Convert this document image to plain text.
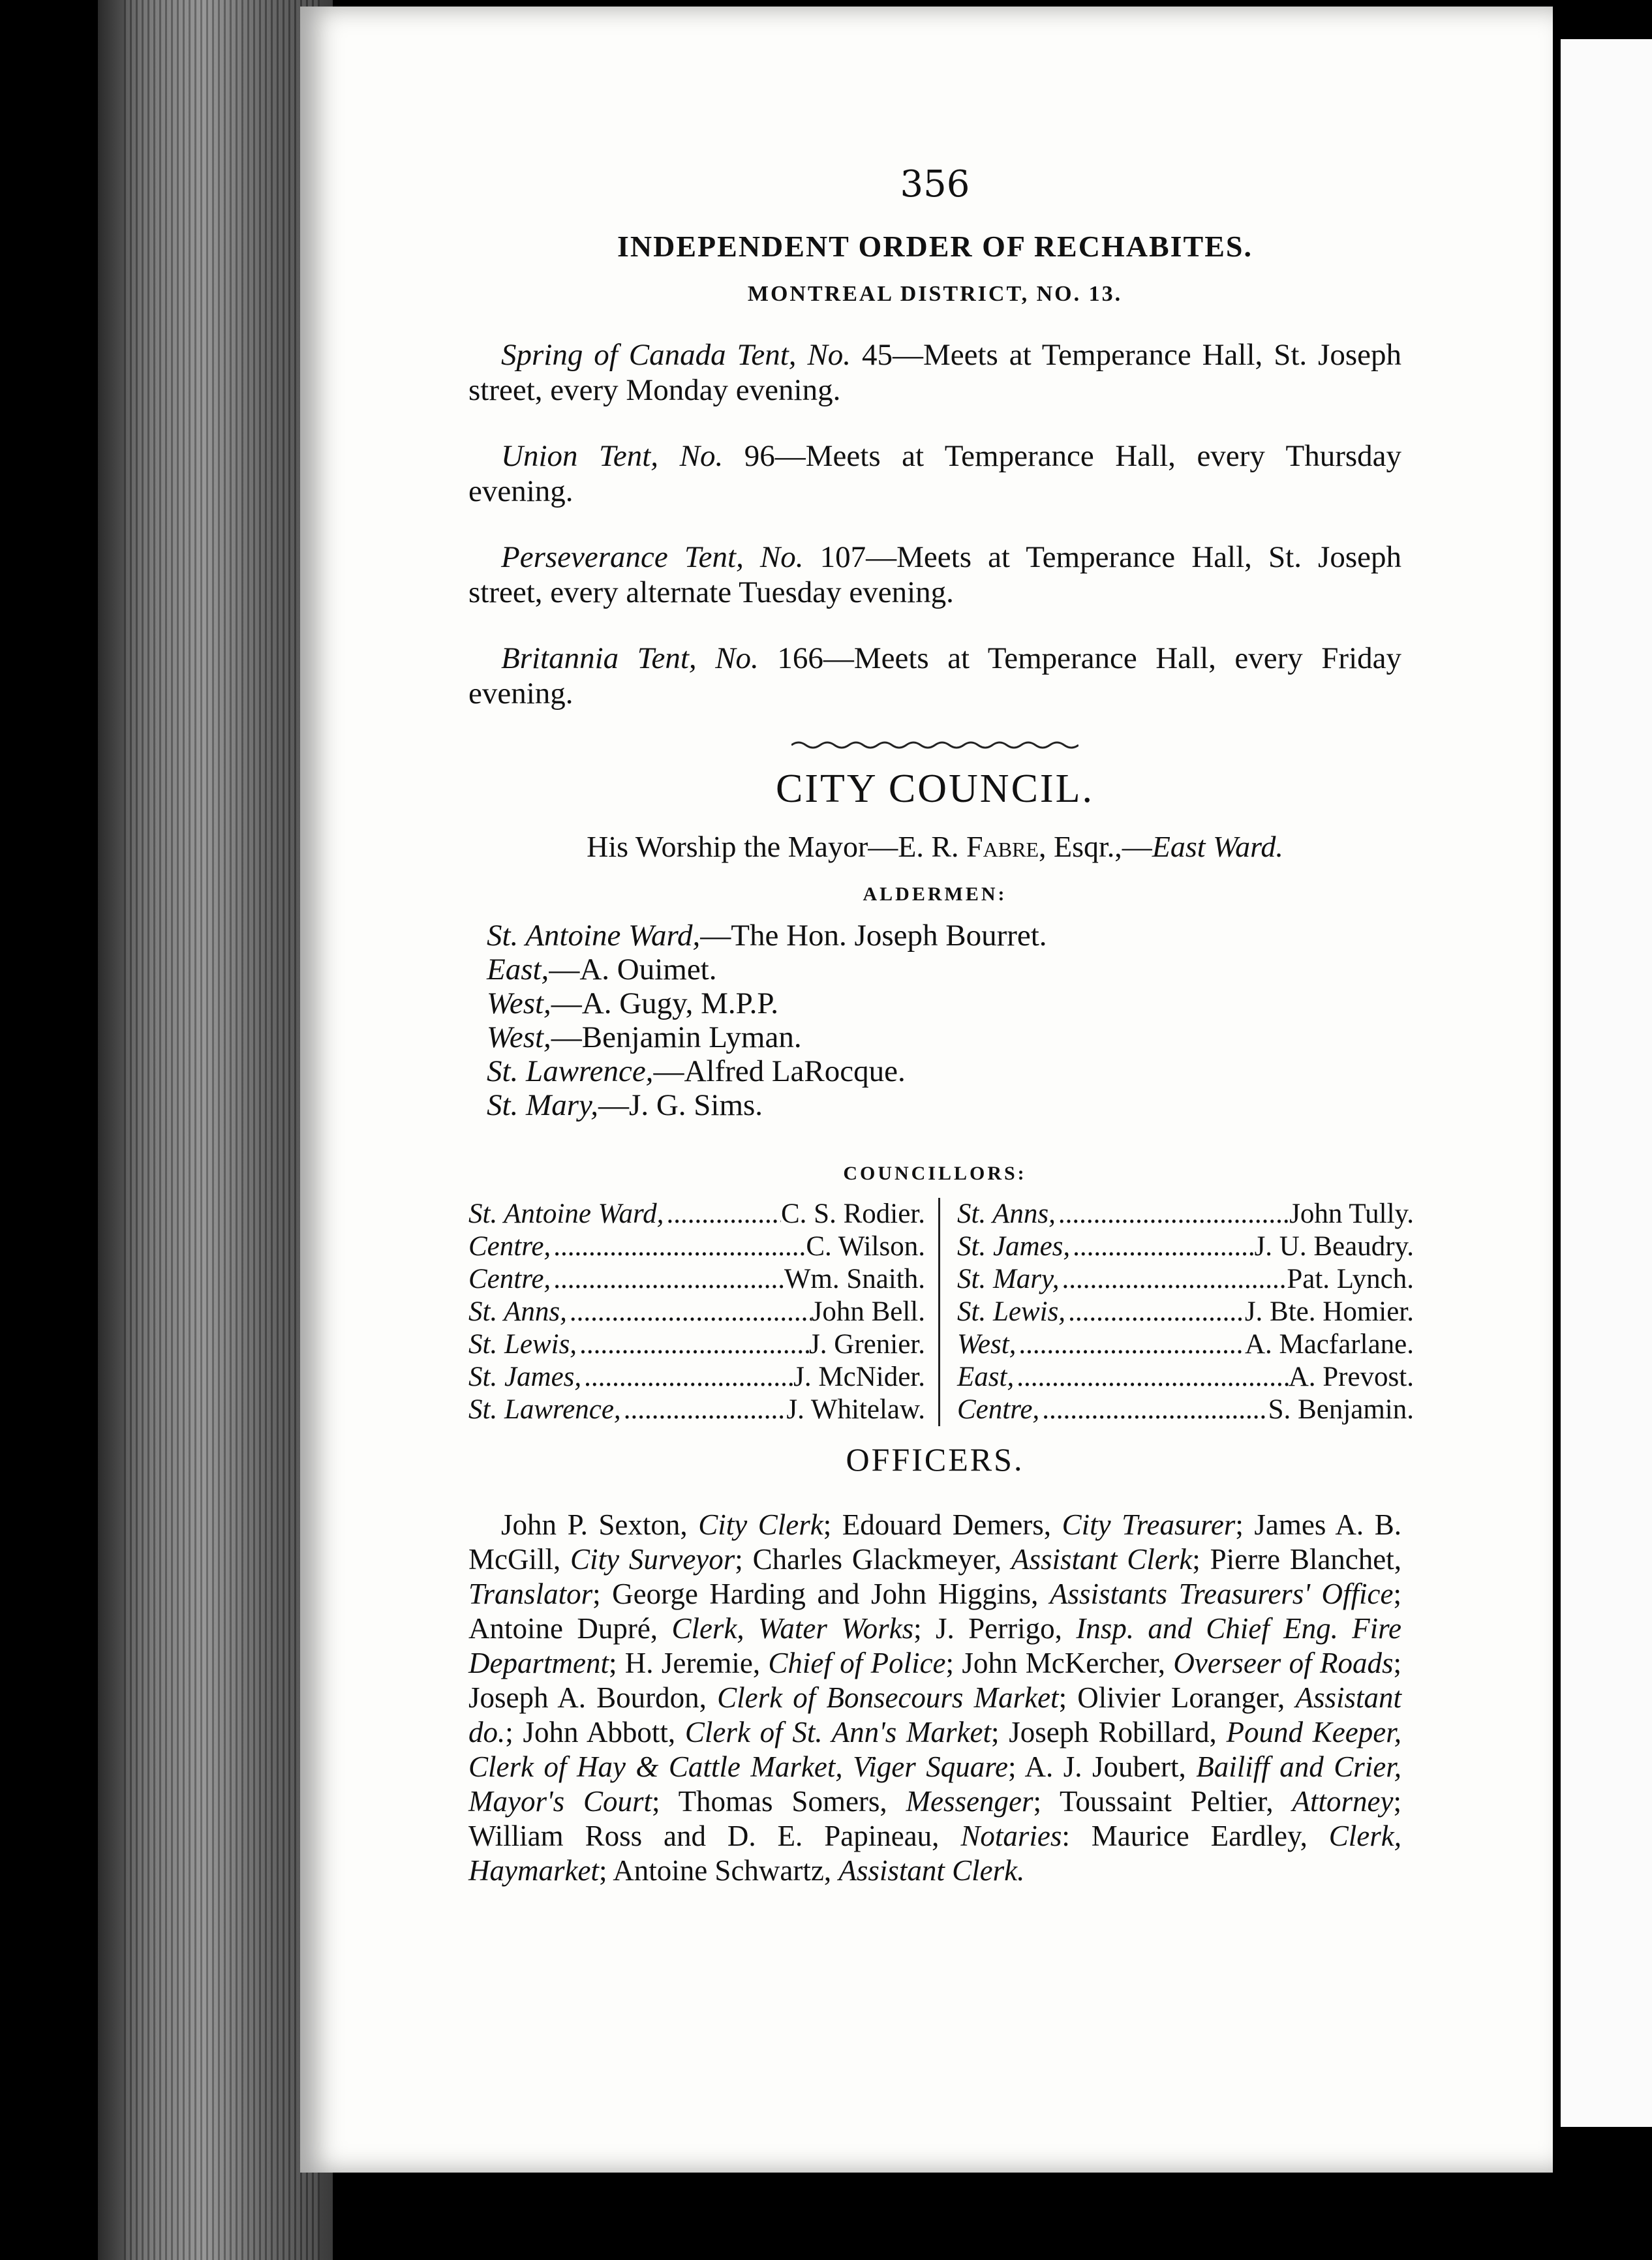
356
INDEPENDENT ORDER OF RECHABITES.
MONTREAL DISTRICT, NO. 13.

Spring of Canada Tent, No. 45—Meets at Temperance Hall, St. Joseph street, every Monday evening.

Union Tent, No. 96—Meets at Temperance Hall, every Thursday evening.

Perseverance Tent, No. 107—Meets at Temperance Hall, St. Joseph street, every alternate Tuesday evening.

Britannia Tent, No. 166—Meets at Temperance Hall, every Friday evening.

CITY COUNCIL.
His Worship the Mayor—E. R. Fabre, Esqr.,—East Ward.
ALDERMEN:
St. Antoine Ward,—The Hon. Joseph Bourret.
East,—A. Ouimet.
West,—A. Gugy, M.P.P.
West,—Benjamin Lyman.
St. Lawrence,—Alfred LaRocque.
St. Mary,—J. G. Sims.
COUNCILLORS:
St. Antoine Ward, .....	C. S. Rodier.
Centre, .....	C. Wilson.
Centre, .....	Wm. Snaith.
St. Anns, .....	John Bell.
St. Lewis, .....	J. Grenier.
St. James, .....	J. McNider.
St. Lawrence, .....	J. Whitelaw.
St. Anns, .....	John Tully.
St. James, .....	J. U. Beaudry.
St. Mary, .....	Pat. Lynch.
St. Lewis, .....	J. Bte. Homier.
West, .....	A. Macfarlane.
East, .....	A. Prevost.
Centre, .....	S. Benjamin.
OFFICERS.

John P. Sexton, City Clerk; Edouard Demers, City Treasurer; James A. B. McGill, City Surveyor; Charles Glackmeyer, Assistant Clerk; Pierre Blanchet, Translator; George Harding and John Higgins, Assistants Treasurers' Office; Antoine Dupré, Clerk, Water Works; J. Perrigo, Insp. and Chief Eng. Fire Department; H. Jeremie, Chief of Police; John McKercher, Overseer of Roads; Joseph A. Bourdon, Clerk of Bonsecours Market; Olivier Loranger, Assistant do.; John Abbott, Clerk of St. Ann's Market; Joseph Robillard, Pound Keeper, Clerk of Hay & Cattle Market, Viger Square; A. J. Joubert, Bailiff and Crier, Mayor's Court; Thomas Somers, Messenger; Toussaint Peltier, Attorney; William Ross and D. E. Papineau, Notaries: Maurice Eardley, Clerk, Haymarket; Antoine Schwartz, Assistant Clerk.
